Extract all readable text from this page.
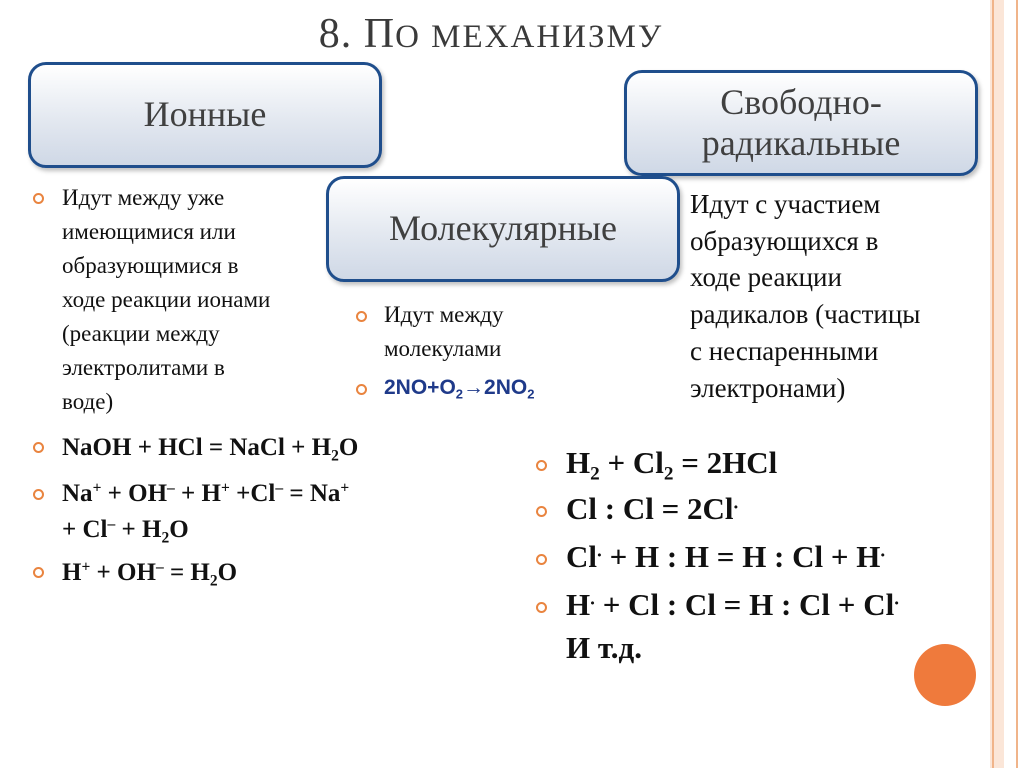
8. ПО МЕХАНИЗМУ
Ионные	Свободно-
радикальные
Молекулярные
Идут между уже
имеющимися или
образующимися в
ходе реакции ионами
(реакции между
электролитами в
воде)
NaOH + HCl = NaCl + $H_2O$
Na+ + OH– + H+ +Cl– = Na+
+ $Cl^- + H_2O$
$H^+ + OH^- = H_2O$
Идут между
молекулами
$2NO+O_2\to 2NO_2$
Идут с участием
образующихся в
ходе реакции
радикалов (частицы
с неспаренными
электронами)
$H_2 + Cl_2 = 2HCl$
Cl : Cl = 2Cl.
Cl. + H : H = H : Cl + H.
H. + Cl : Cl = H : Cl + Cl.
И т.д.
